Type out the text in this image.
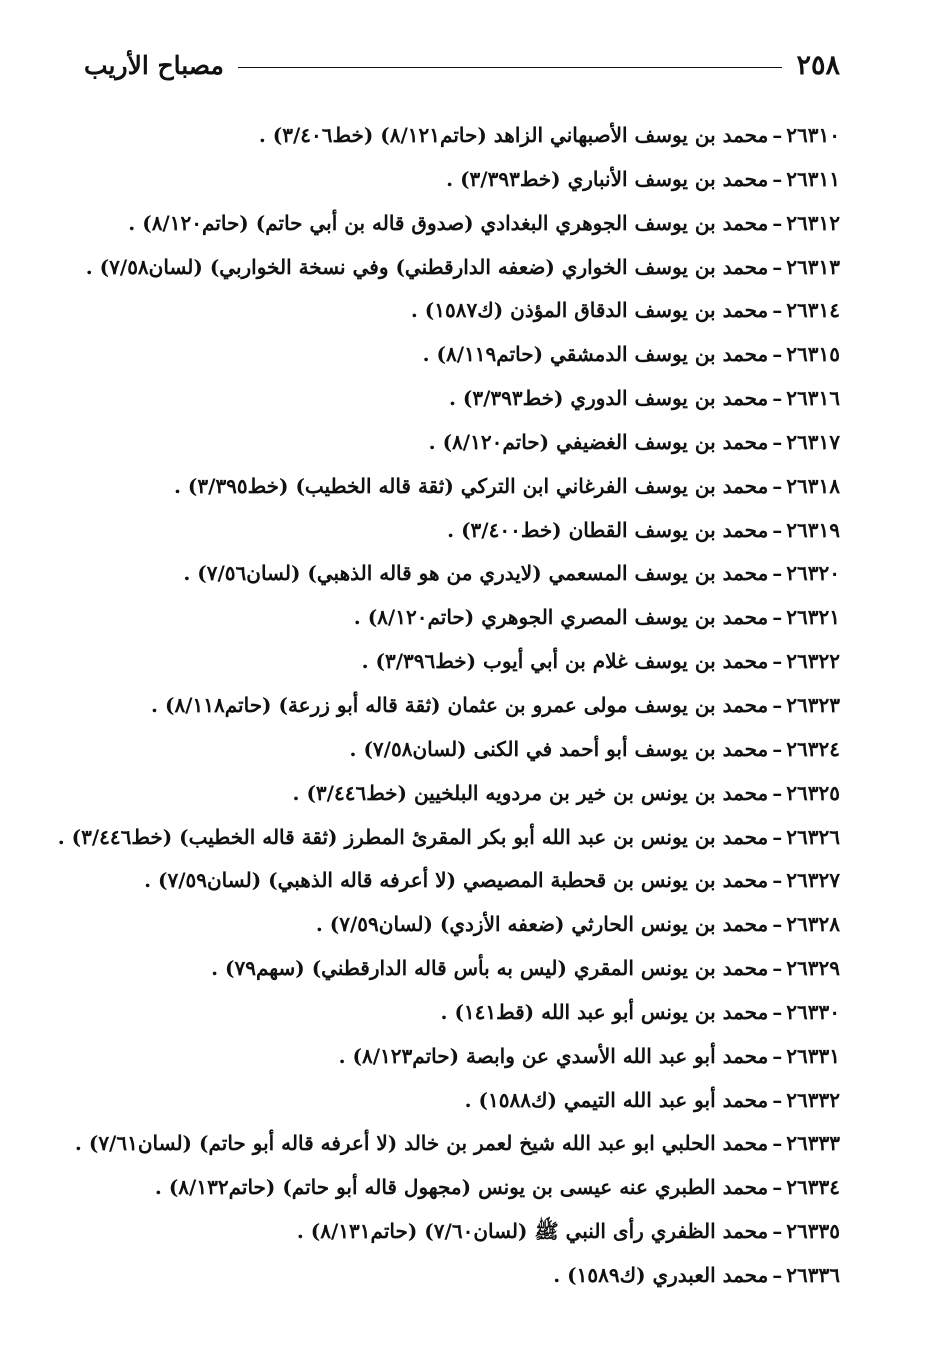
٢٥٨
مصباح الأريب
٢٦٣١٠–محمد بن يوسف الأصبهاني الزاهد (حاتم٨/١٢١) (خط٣/٤٠٦) .
٢٦٣١١–محمد بن يوسف الأنباري (خط٣/٣٩٣) .
٢٦٣١٢–محمد بن يوسف الجوهري البغدادي (صدوق قاله بن أبي حاتم) (حاتم٨/١٢٠) .
٢٦٣١٣–محمد بن يوسف الخواري (ضعفه الدارقطني) وفي نسخة الخواربي) (لسان٧/٥٨) .
٢٦٣١٤–محمد بن يوسف الدقاق المؤذن (ك١٥٨٧) .
٢٦٣١٥–محمد بن يوسف الدمشقي (حاتم٨/١١٩) .
٢٦٣١٦–محمد بن يوسف الدوري (خط٣/٣٩٣) .
٢٦٣١٧–محمد بن يوسف الغضيفي (حاتم٨/١٢٠) .
٢٦٣١٨–محمد بن يوسف الفرغاني ابن التركي (ثقة قاله الخطيب) (خط٣/٣٩٥) .
٢٦٣١٩–محمد بن يوسف القطان (خط٣/٤٠٠) .
٢٦٣٢٠–محمد بن يوسف المسعمي (لايدري من هو قاله الذهبي) (لسان٧/٥٦) .
٢٦٣٢١–محمد بن يوسف المصري الجوهري (حاتم٨/١٢٠) .
٢٦٣٢٢–محمد بن يوسف غلام بن أبي أيوب (خط٣/٣٩٦) .
٢٦٣٢٣–محمد بن يوسف مولى عمرو بن عثمان (ثقة قاله أبو زرعة) (حاتم٨/١١٨) .
٢٦٣٢٤–محمد بن يوسف أبو أحمد في الكنى (لسان٧/٥٨) .
٢٦٣٢٥–محمد بن يونس بن خير بن مردويه البلخيين (خط٣/٤٤٦) .
٢٦٣٢٦–محمد بن يونس بن عبد الله أبو بكر المقرئ المطرز (ثقة قاله الخطيب) (خط٣/٤٤٦) .
٢٦٣٢٧–محمد بن يونس بن قحطبة المصيصي (لا أعرفه قاله الذهبي) (لسان٧/٥٩) .
٢٦٣٢٨–محمد بن يونس الحارثي (ضعفه الأزدي) (لسان٧/٥٩) .
٢٦٣٢٩–محمد بن يونس المقري (ليس به بأس قاله الدارقطني) (سهم٧٩) .
٢٦٣٣٠–محمد بن يونس أبو عبد الله (قط١٤١) .
٢٦٣٣١–محمد أبو عبد الله الأسدي عن وابصة (حاتم٨/١٢٣) .
٢٦٣٣٢–محمد أبو عبد الله التيمي (ك١٥٨٨) .
٢٦٣٣٣–محمد الحلبي ابو عبد الله شيخ لعمر بن خالد (لا أعرفه قاله أبو حاتم) (لسان٧/٦١) .
٢٦٣٣٤–محمد الطبري عنه عيسى بن يونس (مجهول قاله أبو حاتم) (حاتم٨/١٣٢) .
٢٦٣٣٥–محمد الظفري رأى النبي ﷺ (لسان٧/٦٠) (حاتم٨/١٣١) .
٢٦٣٣٦–محمد العبدري (ك١٥٨٩) .
